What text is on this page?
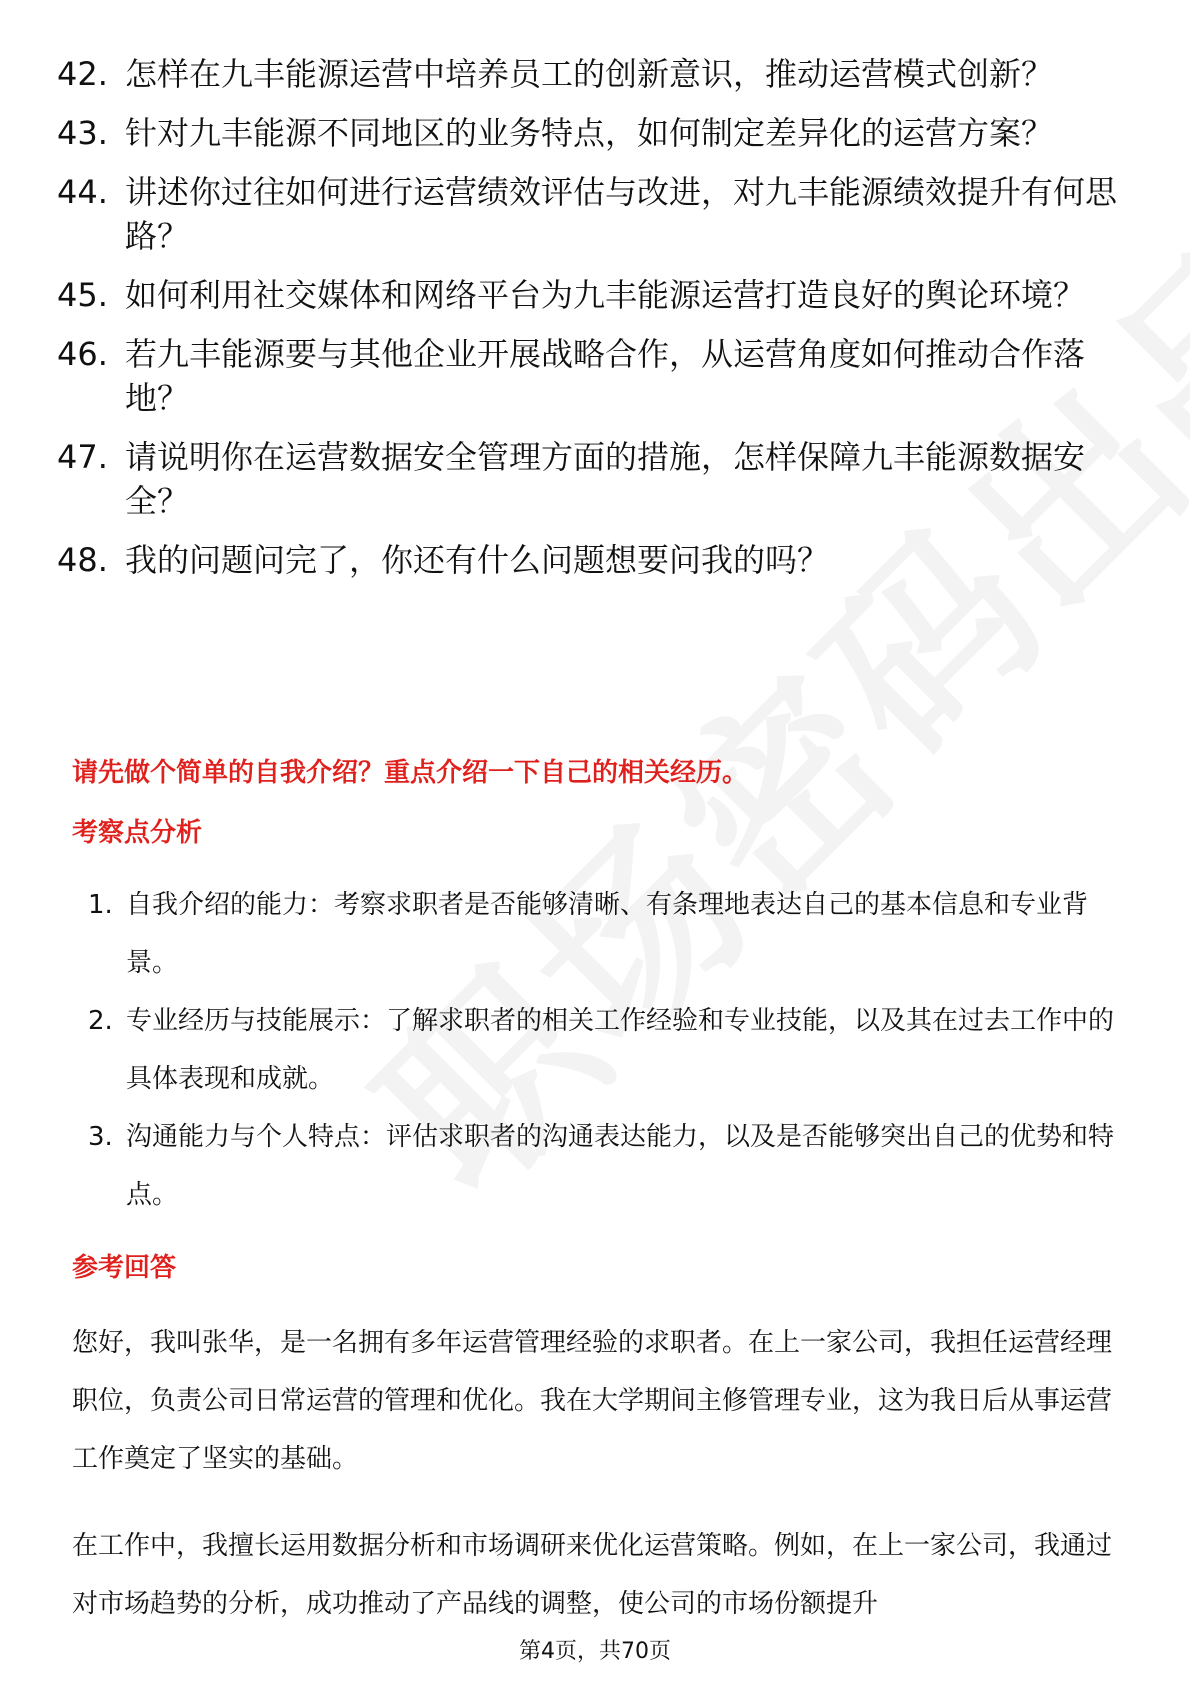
42. 怎样在九丰能源运营中培养员工的创新意识，推动运营模式创新？
43. 针对九丰能源不同地区的业务特点，如何制定差异化的运营方案？
44. 讲述你过往如何进行运营绩效评估与改进，对九丰能源绩效提升有何思路？
45. 如何利用社交媒体和网络平台为九丰能源运营打造良好的舆论环境？
46. 若九丰能源要与其他企业开展战略合作，从运营角度如何推动合作落地？
47. 请说明你在运营数据安全管理方面的措施，怎样保障九丰能源数据安全？
48. 我的问题问完了，你还有什么问题想要问我的吗？
请先做个简单的自我介绍？重点介绍一下自己的相关经历。
考察点分析
1. 自我介绍的能力：考察求职者是否能够清晰、有条理地表达自己的基本信息和专业背景。
2. 专业经历与技能展示：了解求职者的相关工作经验和专业技能，以及其在过去工作中的具体表现和成就。
3. 沟通能力与个人特点：评估求职者的沟通表达能力，以及是否能够突出自己的优势和特点。
参考回答
您好，我叫张华，是一名拥有多年运营管理经验的求职者。在上一家公司，我担任运营经理职位，负责公司日常运营的管理和优化。我在大学期间主修管理专业，这为我日后从事运营工作奠定了坚实的基础。
在工作中，我擅长运用数据分析和市场调研来优化运营策略。例如，在上一家公司，我通过对市场趋势的分析，成功推动了产品线的调整，使公司的市场份额提升
第4页，共70页
